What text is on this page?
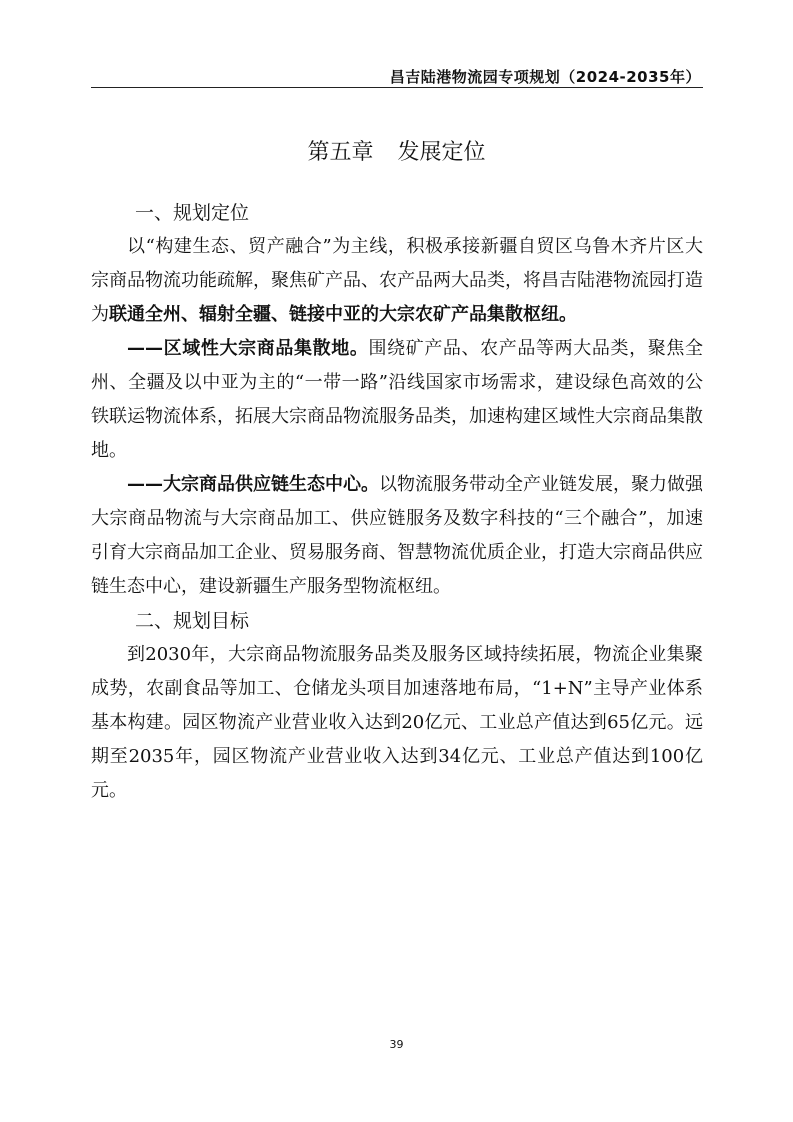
昌吉陆港物流园专项规划（2024-2035年）
第五章 发展定位
一、规划定位

以“构建生态、贸产融合”为主线，积极承接新疆自贸区乌鲁木齐片区大宗商品物流功能疏解，聚焦矿产品、农产品两大品类，将昌吉陆港物流园打造为联通全州、辐射全疆、链接中亚的大宗农矿产品集散枢纽。

——区域性大宗商品集散地。围绕矿产品、农产品等两大品类，聚焦全州、全疆及以中亚为主的“一带一路”沿线国家市场需求，建设绿色高效的公铁联运物流体系，拓展大宗商品物流服务品类，加速构建区域性大宗商品集散地。

——大宗商品供应链生态中心。以物流服务带动全产业链发展，聚力做强大宗商品物流与大宗商品加工、供应链服务及数字科技的“三个融合”，加速引育大宗商品加工企业、贸易服务商、智慧物流优质企业，打造大宗商品供应链生态中心，建设新疆生产服务型物流枢纽。

二、规划目标

到2030年，大宗商品物流服务品类及服务区域持续拓展，物流企业集聚成势，农副食品等加工、仓储龙头项目加速落地布局，“1+N”主导产业体系基本构建。园区物流产业营业收入达到20亿元、工业总产值达到65亿元。远期至2035年，园区物流产业营业收入达到34亿元、工业总产值达到100亿元。

39
